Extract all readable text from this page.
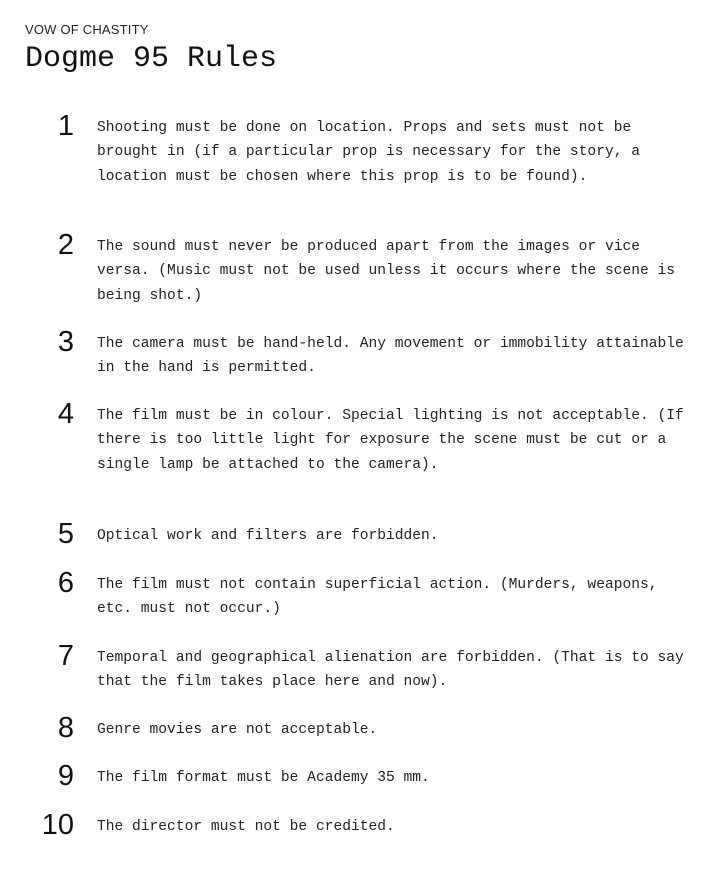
VOW OF CHASTITY
Dogme 95 Rules
1 Shooting must be done on location. Props and sets must not be brought in (if a particular prop is necessary for the story, a location must be chosen where this prop is to be found).
2 The sound must never be produced apart from the images or vice versa. (Music must not be used unless it occurs where the scene is being shot.)
3 The camera must be hand-held. Any movement or immobility attainable in the hand is permitted.
4 The film must be in colour. Special lighting is not acceptable. (If there is too little light for exposure the scene must be cut or a single lamp be attached to the camera).
5 Optical work and filters are forbidden.
6 The film must not contain superficial action. (Murders, weapons, etc. must not occur.)
7 Temporal and geographical alienation are forbidden. (That is to say that the film takes place here and now).
8 Genre movies are not acceptable.
9 The film format must be Academy 35 mm.
10 The director must not be credited.
